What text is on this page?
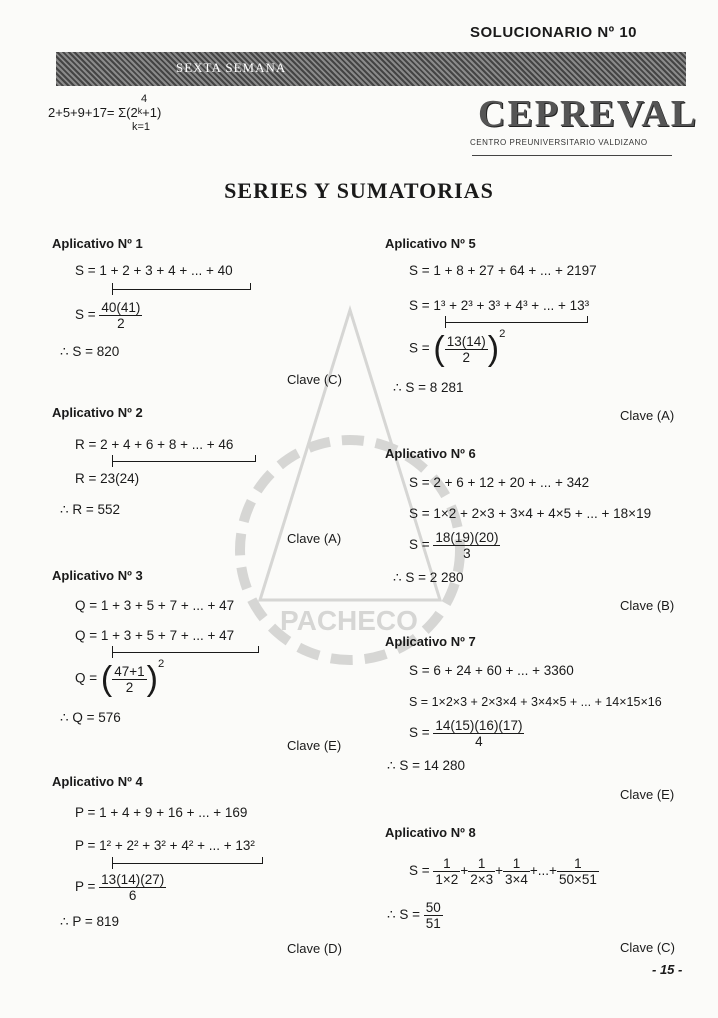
PACHECO
SOLUCIONARIO Nº 10
SEXTA SEMANA
2+5+9+17= Σ(2ᵏ+1)
4
k=1	CEPREVAL
CENTRO PREUNIVERSITARIO VALDIZANO
SERIES Y SUMATORIAS
Aplicativo Nº 1
S = 1 + 2 + 3 + 4 + ... + 40
$S = \frac{40(41)}{2}$
∴ S = 820
Clave (C)
Aplicativo Nº 2
R = 2 + 4 + 6 + 8 + ... + 46
R = 23(24)
∴ R = 552
Clave (A)
Aplicativo Nº 3
Q = 1 + 3 + 5 + 7 + ... + 47
Q = 1 + 3 + 5 + 7 + ... + 47
Q = ( $\frac{47+1}{2} )^2$
∴ Q = 576
Clave (E)
Aplicativo Nº 4
P = 1 + 4 + 9 + 16 + ... + 169
P = 1² + 2² + 3² + 4² + ... + 13²
$P = \frac{13(14)(27)}{6}$
∴ P = 819
Clave (D)
Aplicativo Nº 5
S = 1 + 8 + 27 + 64 + ... + 2197
S = 1³ + 2³ + 3³ + 4³ + ... + 13³
S = ( $\frac{13(14)}{2} )^2$
∴ S = 8 281
Clave (A)
Aplicativo Nº 6
S = 2 + 6 + 12 + 20 + ... + 342
S = 1×2 + 2×3 + 3×4 + 4×5 + ... + 18×19
$S = \frac{18(19)(20)}{3}$
∴ S = 2 280
Clave (B)
Aplicativo Nº 7
S = 6 + 24 + 60 + ... + 3360
S = 1×2×3 + 2×3×4 + 3×4×5 + ... + 14×15×16
$S = \frac{14(15)(16)(17)}{4}$
∴ S = 14 280
Clave (E)
Aplicativo Nº 8
$S = \frac{1}{1\times 2} + \frac{1}{2\times 3} + \frac{1}{3\times 4}$ +...+ $\frac{1}{50\times 51}$
∴ $S = \frac{50}{51}$
Clave (C)
- 15 -
